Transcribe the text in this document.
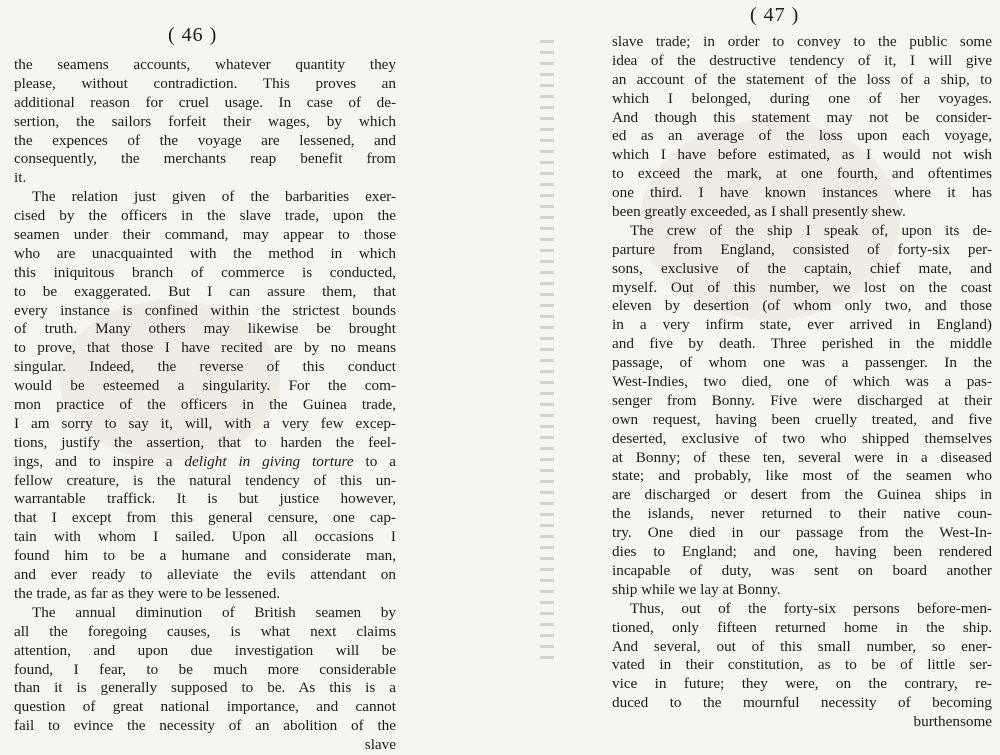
( 46 )
the seamens accounts, whatever quantity they
please, without contradiction. This proves an
additional reason for cruel usage. In case of de-
sertion, the sailors forfeit their wages, by which
the expences of the voyage are lessened, and
consequently, the merchants reap benefit from
it.
The relation just given of the barbarities exer-
cised by the officers in the slave trade, upon the
seamen under their command, may appear to those
who are unacquainted with the method in which
this iniquitous branch of commerce is conducted,
to be exaggerated. But I can assure them, that
every instance is confined within the strictest bounds
of truth. Many others may likewise be brought
to prove, that those I have recited are by no means
singular. Indeed, the reverse of this conduct
would be esteemed a singularity. For the com-
mon practice of the officers in the Guinea trade,
I am sorry to say it, will, with a very few excep-
tions, justify the assertion, that to harden the feel-
ings, and to inspire a delight in giving torture to a
fellow creature, is the natural tendency of this un-
warrantable traffick. It is but justice however,
that I except from this general censure, one cap-
tain with whom I sailed. Upon all occasions I
found him to be a humane and considerate man,
and ever ready to alleviate the evils attendant on
the trade, as far as they were to be lessened.
The annual diminution of British seamen by
all the foregoing causes, is what next claims
attention, and upon due investigation will be
found, I fear, to be much more considerable
than it is generally supposed to be. As this is a
question of great national importance, and cannot
fail to evince the necessity of an abolition of the
slave
( 47 )
slave trade; in order to convey to the public some
idea of the destructive tendency of it, I will give
an account of the statement of the loss of a ship, to
which I belonged, during one of her voyages.
And though this statement may not be consider-
ed as an average of the loss upon each voyage,
which I have before estimated, as I would not wish
to exceed the mark, at one fourth, and oftentimes
one third. I have known instances where it has
been greatly exceeded, as I shall presently shew.
The crew of the ship I speak of, upon its de-
parture from England, consisted of forty-six per-
sons, exclusive of the captain, chief mate, and
myself. Out of this number, we lost on the coast
eleven by desertion (of whom only two, and those
in a very infirm state, ever arrived in England)
and five by death. Three perished in the middle
passage, of whom one was a passenger. In the
West-Indies, two died, one of which was a pas-
senger from Bonny. Five were discharged at their
own request, having been cruelly treated, and five
deserted, exclusive of two who shipped themselves
at Bonny; of these ten, several were in a diseased
state; and probably, like most of the seamen who
are discharged or desert from the Guinea ships in
the islands, never returned to their native coun-
try. One died in our passage from the West-In-
dies to England; and one, having been rendered
incapable of duty, was sent on board another
ship while we lay at Bonny.
Thus, out of the forty-six persons before-men-
tioned, only fifteen returned home in the ship.
And several, out of this small number, so ener-
vated in their constitution, as to be of little ser-
vice in future; they were, on the contrary, re-
duced to the mournful necessity of becoming
burthensome
